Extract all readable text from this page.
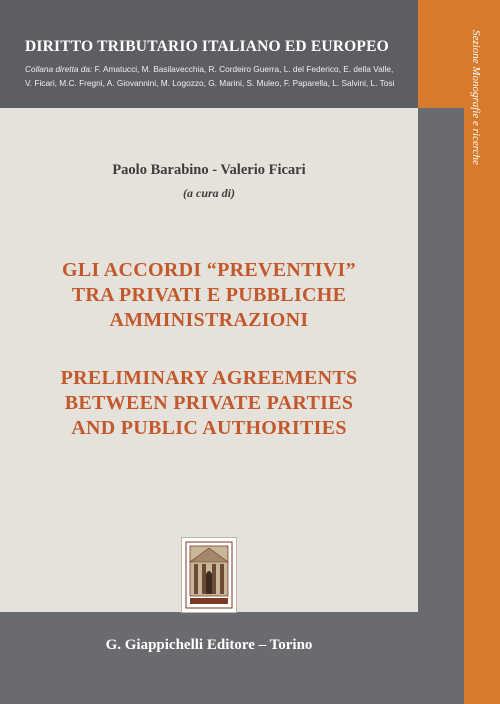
DIRITTO TRIBUTARIO ITALIANO ED EUROPEO
Collana diretta da: F. Amatucci, M. Basilavecchia, R. Cordeiro Guerra, L. del Federico, E. della Valle,
V. Ficari, M.C. Fregni, A. Giovannini, M. Logozzo, G. Marini, S. Muleo, F. Paparella, L. Salvini, L. Tosi	Sezione Monografie e ricerche
Paolo Barabino - Valerio Ficari
(a cura di)
GLI ACCORDI “PREVENTIVI”
TRA PRIVATI E PUBBLICHE
AMMINISTRAZIONI
PRELIMINARY AGREEMENTS
BETWEEN PRIVATE PARTIES
AND PUBLIC AUTHORITIES
G. Giappichelli Editore – Torino
